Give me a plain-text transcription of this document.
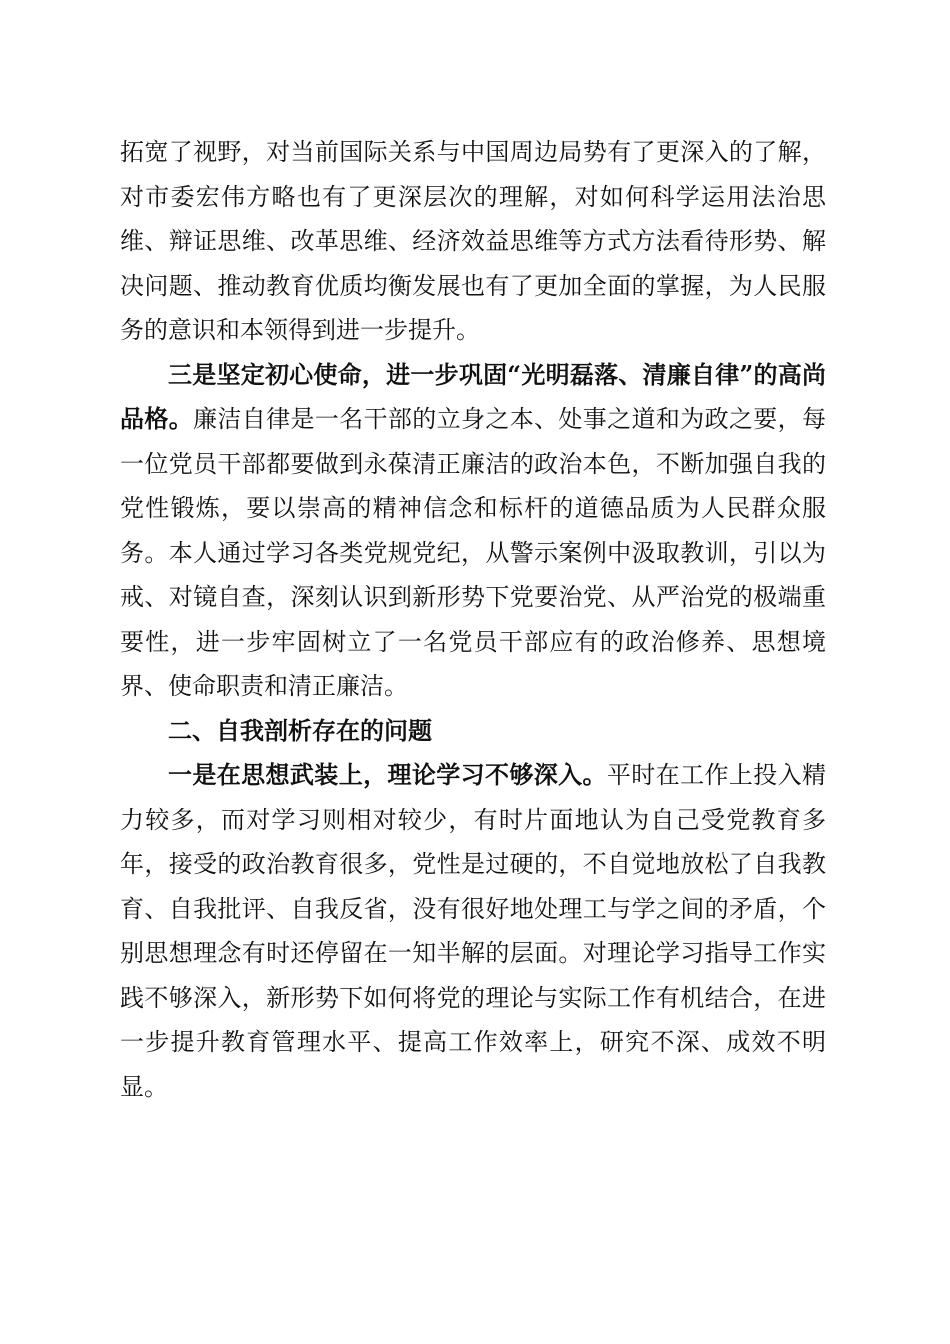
拓宽了视野，对当前国际关系与中国周边局势有了更深入的了解，对市委宏伟方略也有了更深层次的理解，对如何科学运用法治思维、辩证思维、改革思维、经济效益思维等方式方法看待形势、解决问题、推动教育优质均衡发展也有了更加全面的掌握，为人民服务的意识和本领得到进一步提升。

三是坚定初心使命，进一步巩固“光明磊落、清廉自律”的高尚品格。廉洁自律是一名干部的立身之本、处事之道和为政之要，每一位党员干部都要做到永葆清正廉洁的政治本色，不断加强自我的党性锻炼，要以崇高的精神信念和标杆的道德品质为人民群众服务。本人通过学习各类党规党纪，从警示案例中汲取教训，引以为戒、对镜自查，深刻认识到新形势下党要治党、从严治党的极端重要性，进一步牢固树立了一名党员干部应有的政治修养、思想境界、使命职责和清正廉洁。

二、自我剖析存在的问题

一是在思想武装上，理论学习不够深入。平时在工作上投入精力较多，而对学习则相对较少，有时片面地认为自己受党教育多年，接受的政治教育很多，党性是过硬的，不自觉地放松了自我教育、自我批评、自我反省，没有很好地处理工与学之间的矛盾，个别思想理念有时还停留在一知半解的层面。对理论学习指导工作实践不够深入，新形势下如何将党的理论与实际工作有机结合，在进一步提升教育管理水平、提高工作效率上，研究不深、成效不明显。
